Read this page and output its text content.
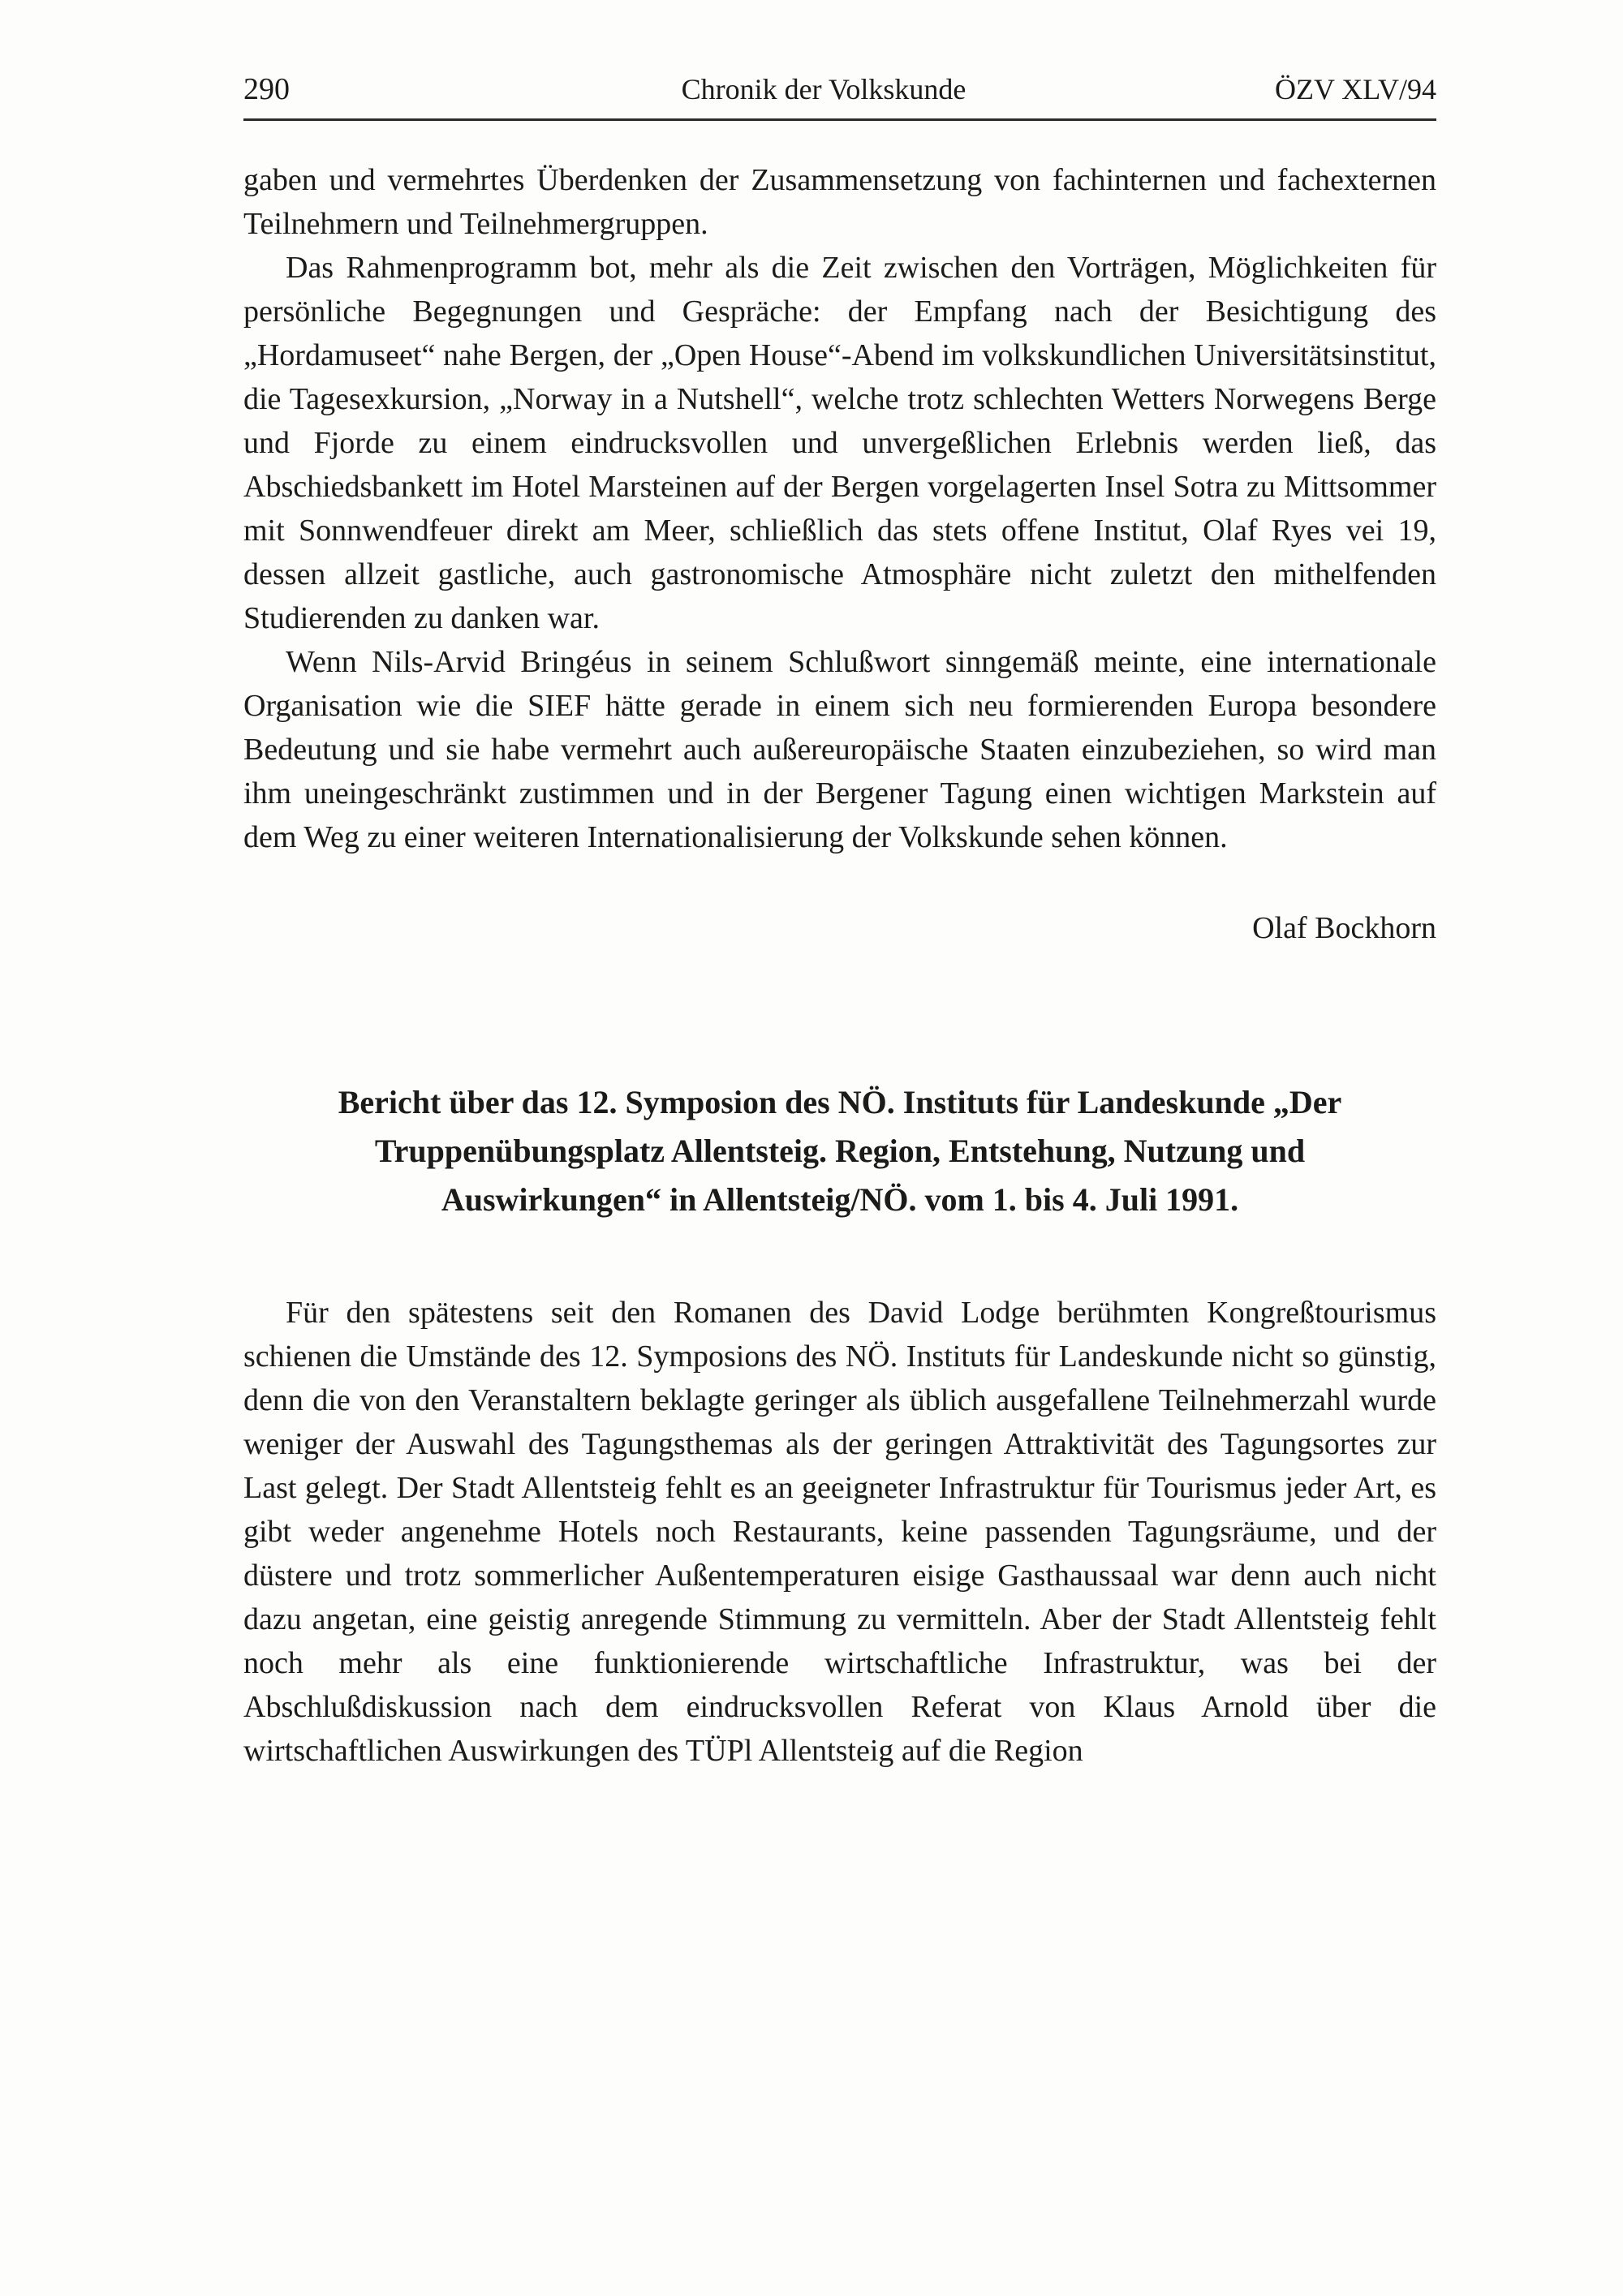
290	Chronik der Volkskunde	ÖZV XLV/94

gaben und vermehrtes Überdenken der Zusammensetzung von fachinternen und fachexternen Teilnehmern und Teilnehmergruppen.

Das Rahmenprogramm bot, mehr als die Zeit zwischen den Vorträgen, Möglichkeiten für persönliche Begegnungen und Gespräche: der Empfang nach der Besichtigung des „Hordamuseet“ nahe Bergen, der „Open House“-Abend im volkskundlichen Universitätsinstitut, die Tagesexkursion, „Norway in a Nutshell“, welche trotz schlechten Wetters Norwegens Berge und Fjorde zu einem eindrucksvollen und unvergeßlichen Erlebnis werden ließ, das Abschiedsbankett im Hotel Marsteinen auf der Bergen vorgelagerten Insel Sotra zu Mittsommer mit Sonnwendfeuer direkt am Meer, schließlich das stets offene Institut, Olaf Ryes vei 19, dessen allzeit gastliche, auch gastronomische Atmosphäre nicht zuletzt den mithelfenden Studierenden zu danken war.

Wenn Nils-Arvid Bringéus in seinem Schlußwort sinngemäß meinte, eine internationale Organisation wie die SIEF hätte gerade in einem sich neu formierenden Europa besondere Bedeutung und sie habe vermehrt auch außereuropäische Staaten einzubeziehen, so wird man ihm uneingeschränkt zustimmen und in der Bergener Tagung einen wichtigen Markstein auf dem Weg zu einer weiteren Internationalisierung der Volkskunde sehen können.

Olaf Bockhorn
Bericht über das 12. Symposion des NÖ. Instituts für Landeskunde „Der Truppenübungsplatz Allentsteig. Region, Entstehung, Nutzung und Auswirkungen“ in Allentsteig/NÖ. vom 1. bis 4. Juli 1991.

Für den spätestens seit den Romanen des David Lodge berühmten Kongreßtourismus schienen die Umstände des 12. Symposions des NÖ. Instituts für Landeskunde nicht so günstig, denn die von den Veranstaltern beklagte geringer als üblich ausgefallene Teilnehmerzahl wurde weniger der Auswahl des Tagungsthemas als der geringen Attraktivität des Tagungsortes zur Last gelegt. Der Stadt Allentsteig fehlt es an geeigneter Infrastruktur für Tourismus jeder Art, es gibt weder angenehme Hotels noch Restaurants, keine passenden Tagungsräume, und der düstere und trotz sommerlicher Außentemperaturen eisige Gasthaussaal war denn auch nicht dazu angetan, eine geistig anregende Stimmung zu vermitteln. Aber der Stadt Allentsteig fehlt noch mehr als eine funktionierende wirtschaftliche Infrastruktur, was bei der Abschlußdiskussion nach dem eindrucksvollen Referat von Klaus Arnold über die wirtschaftlichen Auswirkungen des TÜPl Allentsteig auf die Region
